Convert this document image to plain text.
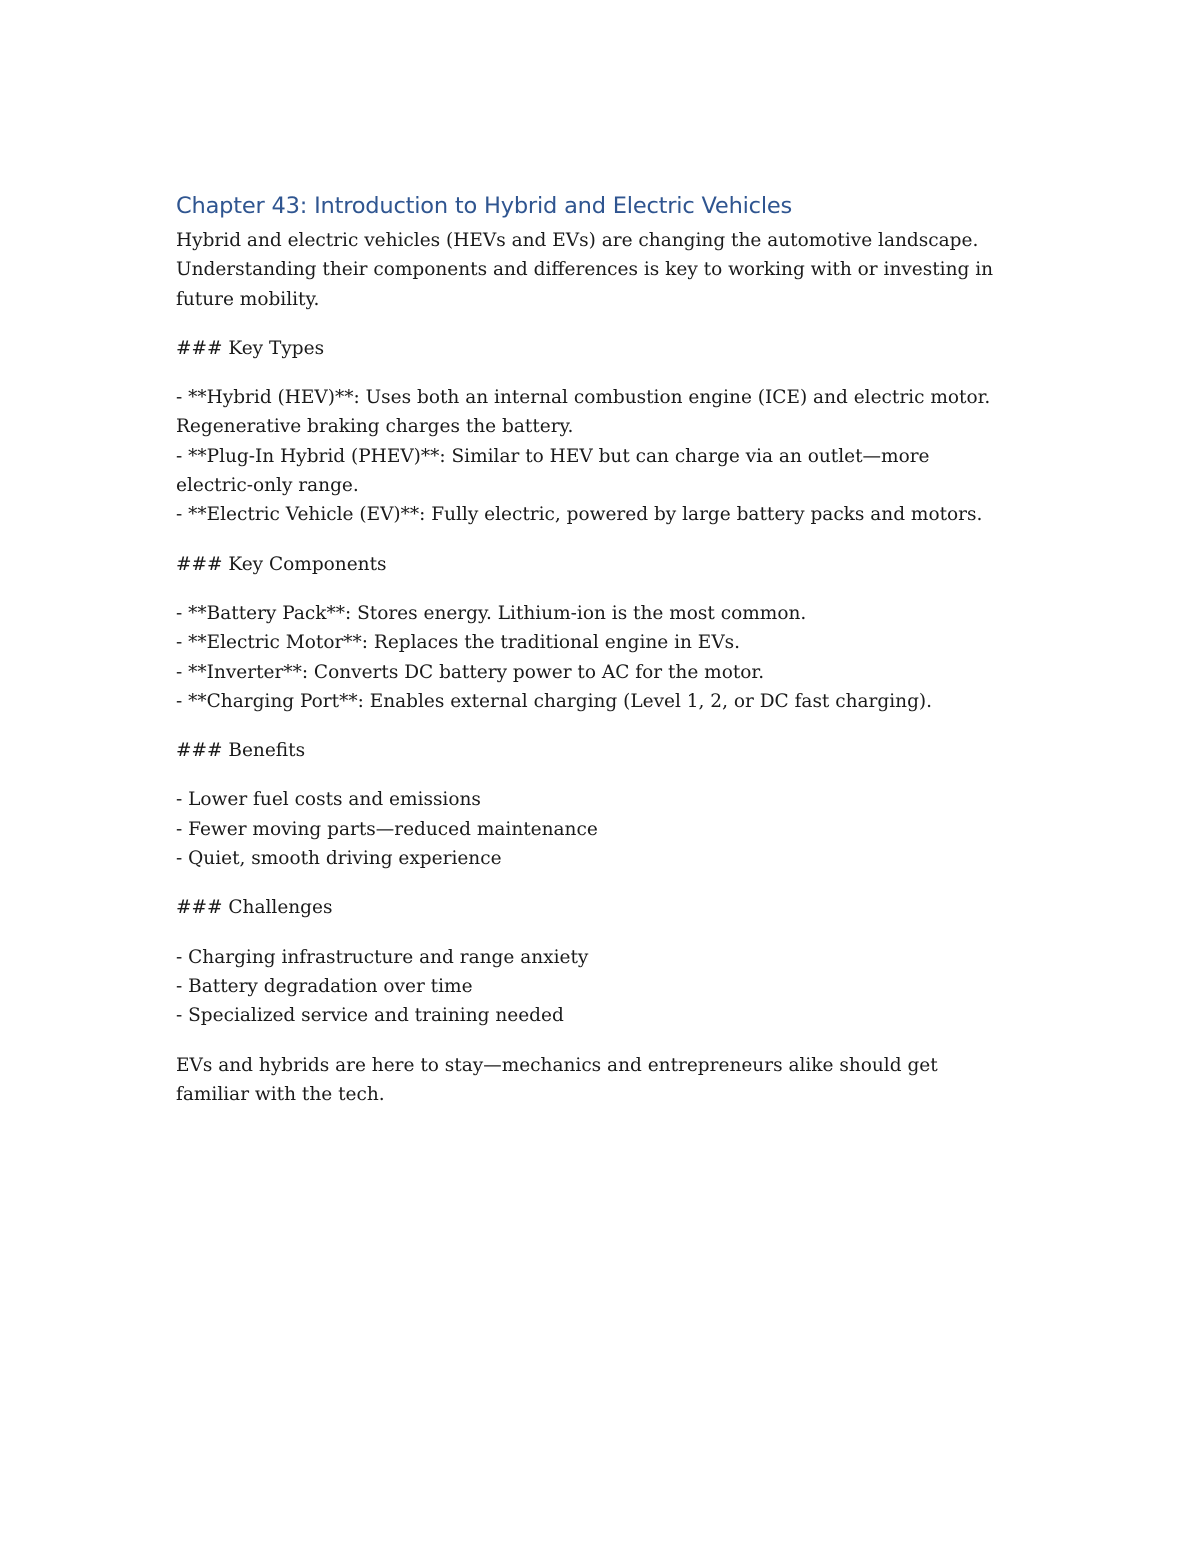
Chapter 43: Introduction to Hybrid and Electric Vehicles

Hybrid and electric vehicles (HEVs and EVs) are changing the automotive landscape. Understanding their components and differences is key to working with or investing in future mobility.

### Key Types

- **Hybrid (HEV)**: Uses both an internal combustion engine (ICE) and electric motor. Regenerative braking charges the battery.
- **Plug-In Hybrid (PHEV)**: Similar to HEV but can charge via an outlet—more electric-only range.
- **Electric Vehicle (EV)**: Fully electric, powered by large battery packs and motors.

### Key Components

- **Battery Pack**: Stores energy. Lithium-ion is the most common.
- **Electric Motor**: Replaces the traditional engine in EVs.
- **Inverter**: Converts DC battery power to AC for the motor.
- **Charging Port**: Enables external charging (Level 1, 2, or DC fast charging).

### Benefits

- Lower fuel costs and emissions
- Fewer moving parts—reduced maintenance
- Quiet, smooth driving experience

### Challenges

- Charging infrastructure and range anxiety
- Battery degradation over time
- Specialized service and training needed

EVs and hybrids are here to stay—mechanics and entrepreneurs alike should get familiar with the tech.
